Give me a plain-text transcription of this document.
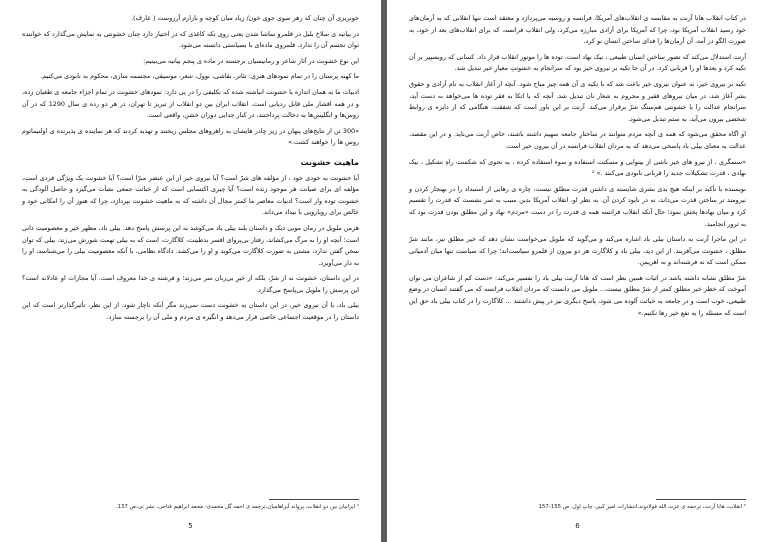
خونریزی آن چنان که زهر سوی جوی خون/ زیاد میان کوچه و بازارم آرزوست ( عارف).

در بیانیه ی سلاخ بلبل در قلمرو تماشا شدن یعنی روی تکه کاغذی که در اختیار دارد چنان خشونتی به نمایش می‌گذارد که خواننده توان تجسم آن را ندارد. قلمروی ماده‌ای با بسیاستی دانسته می‌شود.

این نوع خشونت در آثار شاعر و رمانیسیان برجسته در ماده ی پنجم بیانیه می‌بینیم:

ما کهنه پرستان را در تمام نمودهای هنری: تئاتر، نقاشی، نوول، شعر، موسیقی، مجسمه سازی، محکوم به نابودی می‌کنیم.

ادبیات ما به همان اندازه با خشونت انباشته شده که تکلیفی را در پی دارد: نمودهای خشونت در تمام اجزاء جامعه ی طغیان زده، و در همه اقشار ملی قابل ردیابی است. انقلاب ایران بین دو انقلاب از تبریز تا تهران، در هر دو رده ی سال 1290 که در آن روس‌ها و انگلیس‌ها به دخالت پرداختند، در کنار جدایی دوران خشن، واقعی است.

«300 تن از نتایج‌های پنهان در زیر چادر هایشان به راهروهای مجلس ریختند و تهدید کردند که هر نماینده ی پذیرنده ی اولتیماتوم روس ها را خواهند کشت.»

ماهیت خشونت

آیا خشونت به خودی خود ، از مؤلفه های شرّ است؟ آیا نیروی خیر از این عنصر مبرّا است؟ آیا خشونت یک ویژگی فردی است، مؤلفه ای برای صیانت هر موجود زنده است؟ آیا چیزی اکتسابی است که از خباثت جمعی نشأت می‌گیرد و حاصل آلودگی به خشونت توده وار است؟ ادبیات معاصر ما کمتر مجال آن داشته که به ماهیت خشونت بپردازد، چرا که هنوز آن را امکانی خود و خالص برای رویارویی با بیداد می‌داند.

هرمن ملویل در رمان موبی دیک و داستان بلند بیلی باد می‌کوشد به این پرسش پاسخ دهد. بیلی باد، مظهر خیر و معصومیت ذاتی است؛ آنچه او را به مرگ می‌کشاند، رفتار بی‌پروای افسر بدطینت، کلاگارت، است که به بیلی تهمت شورش می‌زند. بیلی که توان سخن گفتن ندارد، مشتی به صورت کلاگارت می‌کوبد و او را می‌کشد. دادگاه نظامی، با آنکه معصومیت بیلی را می‌شناسد، او را به دار می‌آویزد.

در این داستان، خشونت نه از شرّ، بلکه از خیرِ بی‌زبان سر می‌زند؛ و فرشته ی خدا معروف است. آیا مجازات او عادلانه است؟ این پرسش را ملویل بی‌پاسخ می‌گذارد.

بیلی باد، با آن نیروی خیر، در این داستان به خشونت دست نمی‌زند مگر آنکه ناچار شود. از این نظر، تأثیرگذارتر است که این داستان را در موقعیت اجتماعی خاصی قرار می‌دهد و انگیزه ی مردم و ملی آن را برجسته سازد.

¹ ایرانیان بین دو انقلاب، پرواند آبراهامیان،ترجمه ی احمد گل محمدی- محمد ابراهیم فتاحی، نشر نی،ص 137.
5

در کتاب انقلاب هانا آرنت به مقایسه ی انقلاب‌های آمریکا، فرانسه و روسیه می‌پردازد و معتقد است تنها انقلابی که به آرمان‌های خود رسید انقلاب آمریکا بود، چرا که آمریکا برای آزادی مبارزه می‌کرد، ولی انقلاب فرانسه، که برای انقلاب‌های بعد از خود، به صورت الگو در آمد، آن آرمان‌ها را فدای ساختن انسانِ نو کرد.

آرنت استدلال می‌کند که تصور ساختن انسان طبیعی ، نیک نهاد است، توده ها را موتور انقلاب قرار داد. کسانی که روبسپیر بر آن تکیه کرد و بعدها او را قربانی کرد. در آن جا تکیه بر نیروی خیر بود که سرانجام به خشونتِ معیارِ خیر تبدیل شد.

تکیه بر نیروی خیر، به عنوان نیروی خیر باعث شد که با تکیه ی آن همه چیز مباح شود. آنچه از آغاز انقلاب به نام آزادی و حقوق بشر آغاز شد، در میان نیروهای فقیر و محروم به شعار نان تبدیل شد. آنچه که با اتکا به فقر توده ها می‌خواهد به دست آید، سرانجام عدالت را با خشونتی هم‌سنگ شرّ برقرار می‌کند. آرنت بر این باور است که شفقت، هنگامی که از دایره ی روابط شخصی بیرون می‌آید، به ستم تبدیل می‌شود.

او اگاه محقق می‌شود که همه ی آنچه مردم متوانند در ساختارِ جامعه سهیم داشته باشند، خاص آرنت می‌ناید. و در این مقصد، عدالت به معنای بیلی باد پاسخی می‌دهد که به مردان انقلاب فرانسه در آن بیرون خیر است.

«ستمگری ، از نیرو های خیر ناشی از بینوایی و مسکنت استفاده و سوء استفاده کرده ، به نحوی که شکست راهِ تشکیل ، نیک نهادی ، قدرت تشکیلات جدید را قربانی نابودی می‌کنند .» ²

نویسنده با تأکید بر اینکه هیچ بدی بشری شایسته ی داشتن قدرت مطلق نیست، چاره ی رهایی از استبداد را در بهنجار کردن و نیرومند تر ساختن قدرت می‌داند، نه در نابود کردن آن. به نظر او، انقلاب آمریکا بدین سبب به ثمر نشست که قدرت را تقسیم کرد و میان نهادها پخش نمود؛ حال آنکه انقلاب فرانسه همه ی قدرت را در دست «مردم» نهاد و این مطلق بودن قدرت بود که به ترور انجامید.

در این ماجرا آرنت به داستان بیلی باد اشاره می‌کند و می‌گوید که ملویل می‌خواست نشان دهد که خیر مطلق نیز، مانند شرّ مطلق ، خشونت می‌آفریند. از این دید، بیلی باد و کلاگارت هر دو بیرون از قلمرو سیاست‌اند؛ چرا که سیاست تنها میان آدمیانی ممکن است که نه فرشته‌اند و نه اهریمن.

شرّ مطلق نشانه داشته باشد در اثبات همین نظر است که هانا آرنت بیلی باد را تفسیر می‌کند: «دست کم از شاعران می توان آموخت که خطر خیر مطلق کمتر از شرّ مطلق نیست... ملویل می دانست که مردان انقلاب فرانسه که می گفتند انسان در وضع طبیعی، خوب است و در جامعه به خباثت آلوده می شود، پاسخ دیگری نیز در پیش داشتند ... کلاگارت را در کتاب بیلی باد حق این است که مسئله را به نفع خیر رها نکنیم.»

² انقلاب، هانا آرنت، ترجمه ی عزت الله فولادوند،انتشارات امیر کبیر، چاپ اول، ص 155-157
6
